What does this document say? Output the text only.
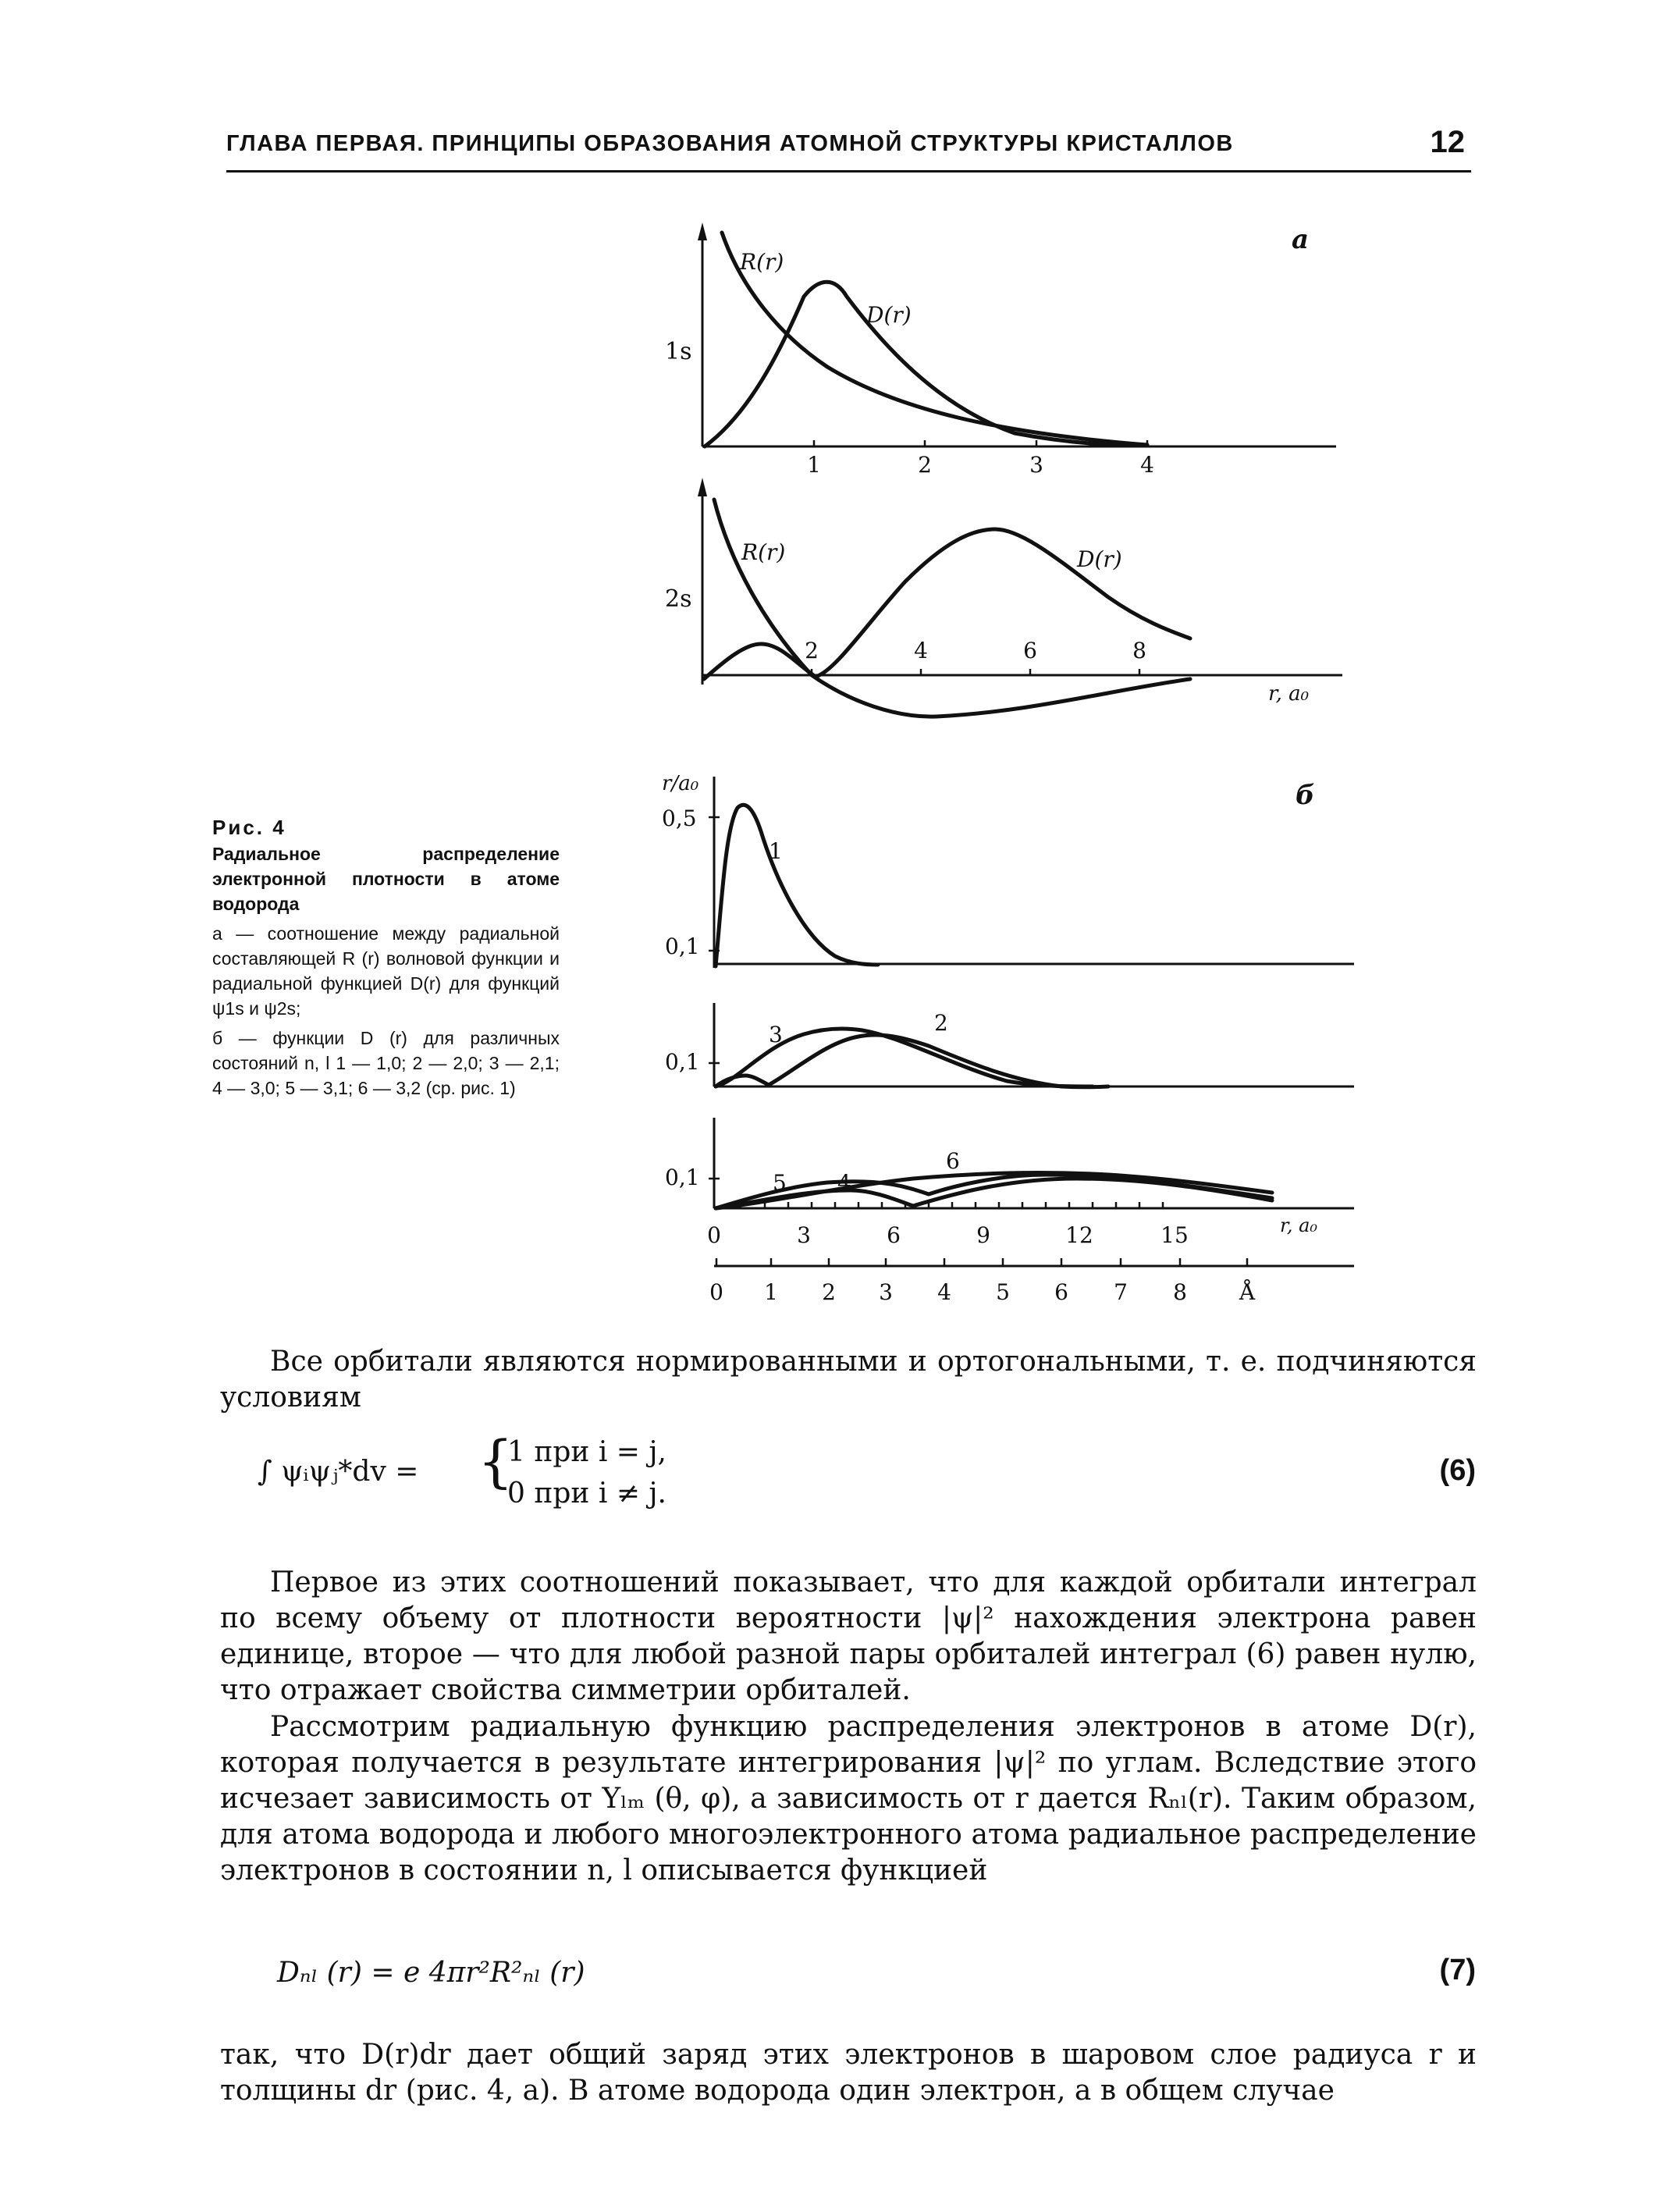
ГЛАВА ПЕРВАЯ. ПРИНЦИПЫ ОБРАЗОВАНИЯ АТОМНОЙ СТРУКТУРЫ КРИСТАЛЛОВ	12
1	2	3	4
R(r)
D(r)
1s
а
2	4	6	8
R(r)	D(r)
2s
r, a₀
r/a₀	б
0,5
0,1
1
0,1
3	2
0,1	5 4
6
0	3	6	9	12	15	r, a₀
0 1 2 3 4 5 6 7 8 Å
Рис. 4
Радиальное распределение электронной плотности в атоме водорода
а — соотношение между радиальной составляющей R (r) волновой функции и радиальной функцией D(r) для функций ψ1s и ψ2s;
б — функции D (r) для различных состояний n, l 1 — 1,0; 2 — 2,0; 3 — 2,1; 4 — 3,0; 5 — 3,1; 6 — 3,2 (ср. рис. 1)

Все орбитали являются нормированными и ортогональными, т. е. подчиняются условиям

∫ ψᵢψⱼ*dv = {
1 при i = j,
0 при i ≠ j.
(6)

Первое из этих соотношений показывает, что для каждой орбитали интеграл по всему объему от плотности вероятности |ψ|² нахождения электрона равен единице, второе — что для любой разной пары орбиталей интеграл (6) равен нулю, что отражает свойства симметрии орбиталей.

Рассмотрим радиальную функцию распределения электронов в атоме D(r), которая получается в результате интегрирования |ψ|² по углам. Вследствие этого исчезает зависимость от Yₗₘ (θ, φ), а зависимость от r дается Rₙₗ(r). Таким образом, для атома водорода и любого многоэлектронного атома радиальное распределение электронов в состоянии n, l описывается функцией

Dₙₗ (r) = e 4πr²R²ₙₗ (r)	(7)

так, что D(r)dr дает общий заряд этих электронов в шаровом слое радиуса r и толщины dr (рис. 4, а). В атоме водорода один электрон, а в общем случае
